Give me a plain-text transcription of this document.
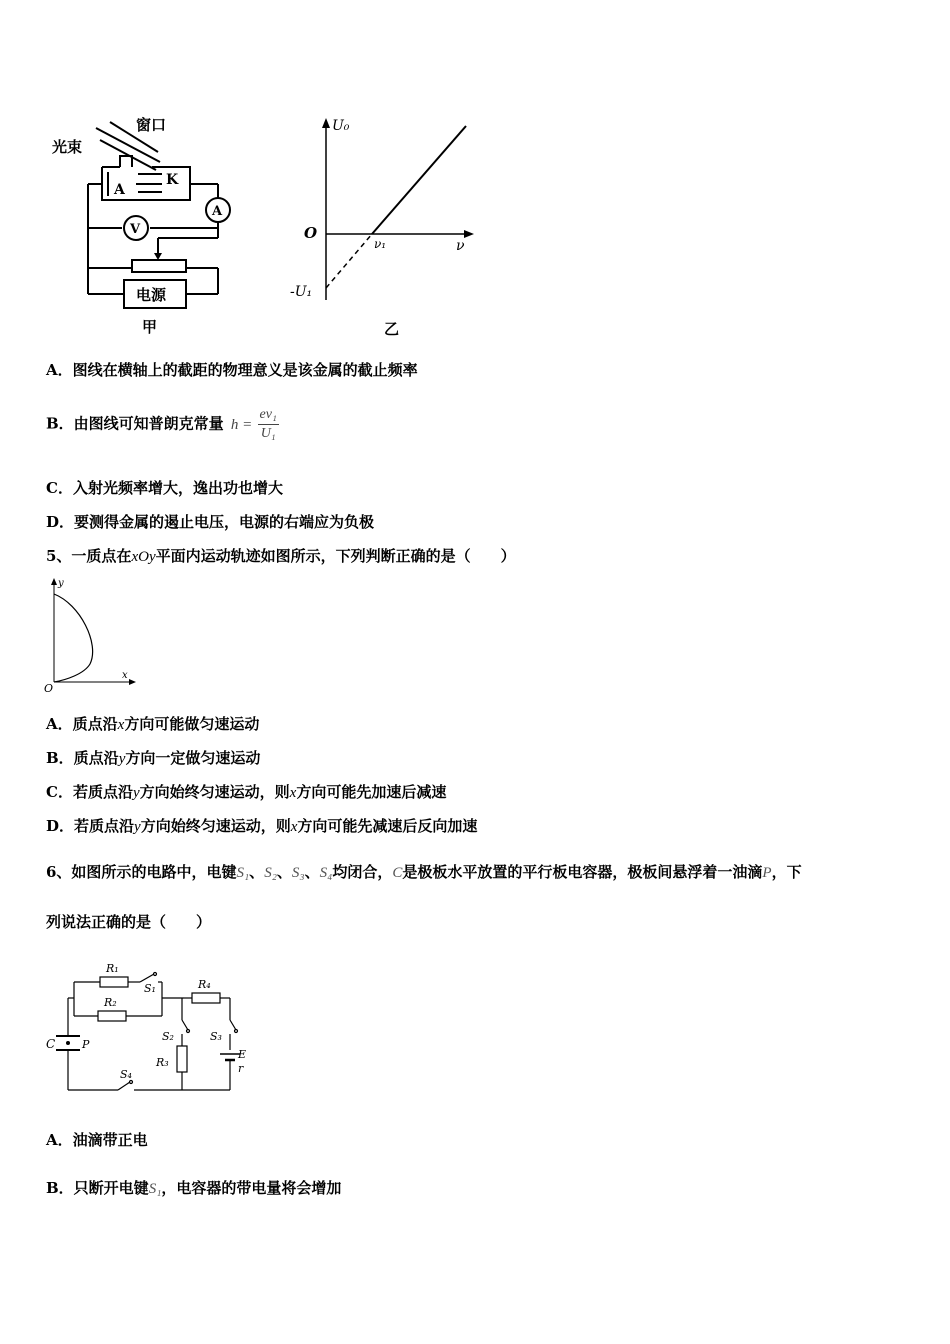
窗口
光束
A
K
V
A
电源
甲
U₀
ν
O
ν₁
-U₁
乙
A．图线在横轴上的截距的物理意义是该金属的截止频率
B．由图线可知普朗克常量 $h = \frac{\text{eν₁}}{\text{U₁}}$
C．入射光频率增大，逸出功也增大
D．要测得金属的遏止电压，电源的右端应为负极
5、一质点在xOy平面内运动轨迹如图所示，下列判断正确的是（　　）
y
x
O
A．质点沿x方向可能做匀速运动
B．质点沿y方向一定做匀速运动
C．若质点沿y方向始终匀速运动，则x方向可能先加速后减速
D．若质点沿y方向始终匀速运动，则x方向可能先减速后反向加速
6、如图所示的电路中，电键S₁、S₂、S₃、S₄均闭合，C是极板水平放置的平行板电容器，极板间悬浮着一油滴P，下
列说法正确的是（　　）
R₁
S₁
R₂
R₄
S₂	S₃
R₃
E
r
C P
S₄
A．油滴带正电
B．只断开电键S₁，电容器的带电量将会增加
